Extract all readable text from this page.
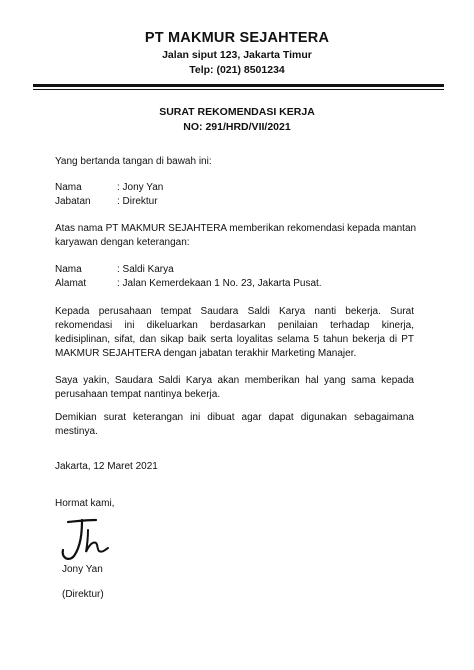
PT MAKMUR SEJAHTERA
Jalan siput 123, Jakarta Timur
Telp: (021) 8501234
SURAT REKOMENDASI KERJA
NO: 291/HRD/VII/2021
Yang bertanda tangan di bawah ini:
Nama	: Jony Yan
Jabatan	: Direktur
Atas nama PT MAKMUR SEJAHTERA memberikan rekomendasi kepada mantan
karyawan dengan keterangan:
Nama	: Saldi Karya
Alamat	: Jalan Kemerdekaan 1 No. 23, Jakarta Pusat.
Kepada perusahaan tempat Saudara Saldi Karya nanti bekerja. Surat rekomendasi ini dikeluarkan berdasarkan penilaian terhadap kinerja, kedisiplinan, sifat, dan sikap baik serta loyalitas selama 5 tahun bekerja di PT MAKMUR SEJAHTERA dengan jabatan terakhir Marketing Manajer.
Saya yakin, Saudara Saldi Karya akan memberikan hal yang sama kepada perusahaan tempat nantinya bekerja.
Demikian surat keterangan ini dibuat agar dapat digunakan sebagaimana mestinya.
Jakarta, 12 Maret 2021
Hormat kami,
Jony Yan
(Direktur)
